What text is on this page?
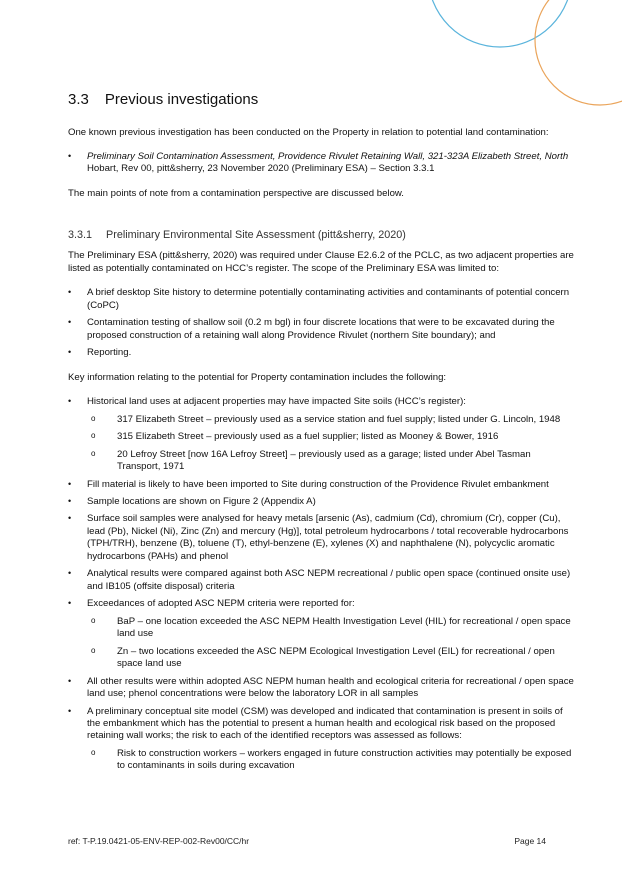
3.3 Previous investigations

One known previous investigation has been conducted on the Property in relation to potential land contamination:

• Preliminary Soil Contamination Assessment, Providence Rivulet Retaining Wall, 321-323A Elizabeth Street, North Hobart, Rev 00, pitt&sherry, 23 November 2020 (Preliminary ESA) – Section 3.3.1

The main points of note from a contamination perspective are discussed below.

3.3.1 Preliminary Environmental Site Assessment (pitt&sherry, 2020)

The Preliminary ESA (pitt&sherry, 2020) was required under Clause E2.6.2 of the PCLC, as two adjacent properties are listed as potentially contaminated on HCC’s register. The scope of the Preliminary ESA was limited to:

• A brief desktop Site history to determine potentially contaminating activities and contaminants of potential concern (CoPC)
• Contamination testing of shallow soil (0.2 m bgl) in four discrete locations that were to be excavated during the proposed construction of a retaining wall along Providence Rivulet (northern Site boundary); and
• Reporting.

Key information relating to the potential for Property contamination includes the following:

• Historical land uses at adjacent properties may have impacted Site soils (HCC’s register):
o 317 Elizabeth Street – previously used as a service station and fuel supply; listed under G. Lincoln, 1948
o 315 Elizabeth Street – previously used as a fuel supplier; listed as Mooney & Bower, 1916
o 20 Lefroy Street [now 16A Lefroy Street] – previously used as a garage; listed under Abel Tasman Transport, 1971
• Fill material is likely to have been imported to Site during construction of the Providence Rivulet embankment
• Sample locations are shown on Figure 2 (Appendix A)
• Surface soil samples were analysed for heavy metals [arsenic (As), cadmium (Cd), chromium (Cr), copper (Cu), lead (Pb), Nickel (Ni), Zinc (Zn) and mercury (Hg)], total petroleum hydrocarbons / total recoverable hydrocarbons (TPH/TRH), benzene (B), toluene (T), ethyl-benzene (E), xylenes (X) and naphthalene (N), polycyclic aromatic hydrocarbons (PAHs) and phenol
• Analytical results were compared against both ASC NEPM recreational / public open space (continued onsite use) and IB105 (offsite disposal) criteria
• Exceedances of adopted ASC NEPM criteria were reported for:
o BaP – one location exceeded the ASC NEPM Health Investigation Level (HIL) for recreational / open space land use
o Zn – two locations exceeded the ASC NEPM Ecological Investigation Level (EIL) for recreational / open space land use
• All other results were within adopted ASC NEPM human health and ecological criteria for recreational / open space land use; phenol concentrations were below the laboratory LOR in all samples
• A preliminary conceptual site model (CSM) was developed and indicated that contamination is present in soils of the embankment which has the potential to present a human health and ecological risk based on the proposed retaining wall works; the risk to each of the identified receptors was assessed as follows:
o Risk to construction workers – workers engaged in future construction activities may potentially be exposed to contaminants in soils during excavation
ref: T-P.19.0421-05-ENV-REP-002-Rev00/CC/hr	Page 14
